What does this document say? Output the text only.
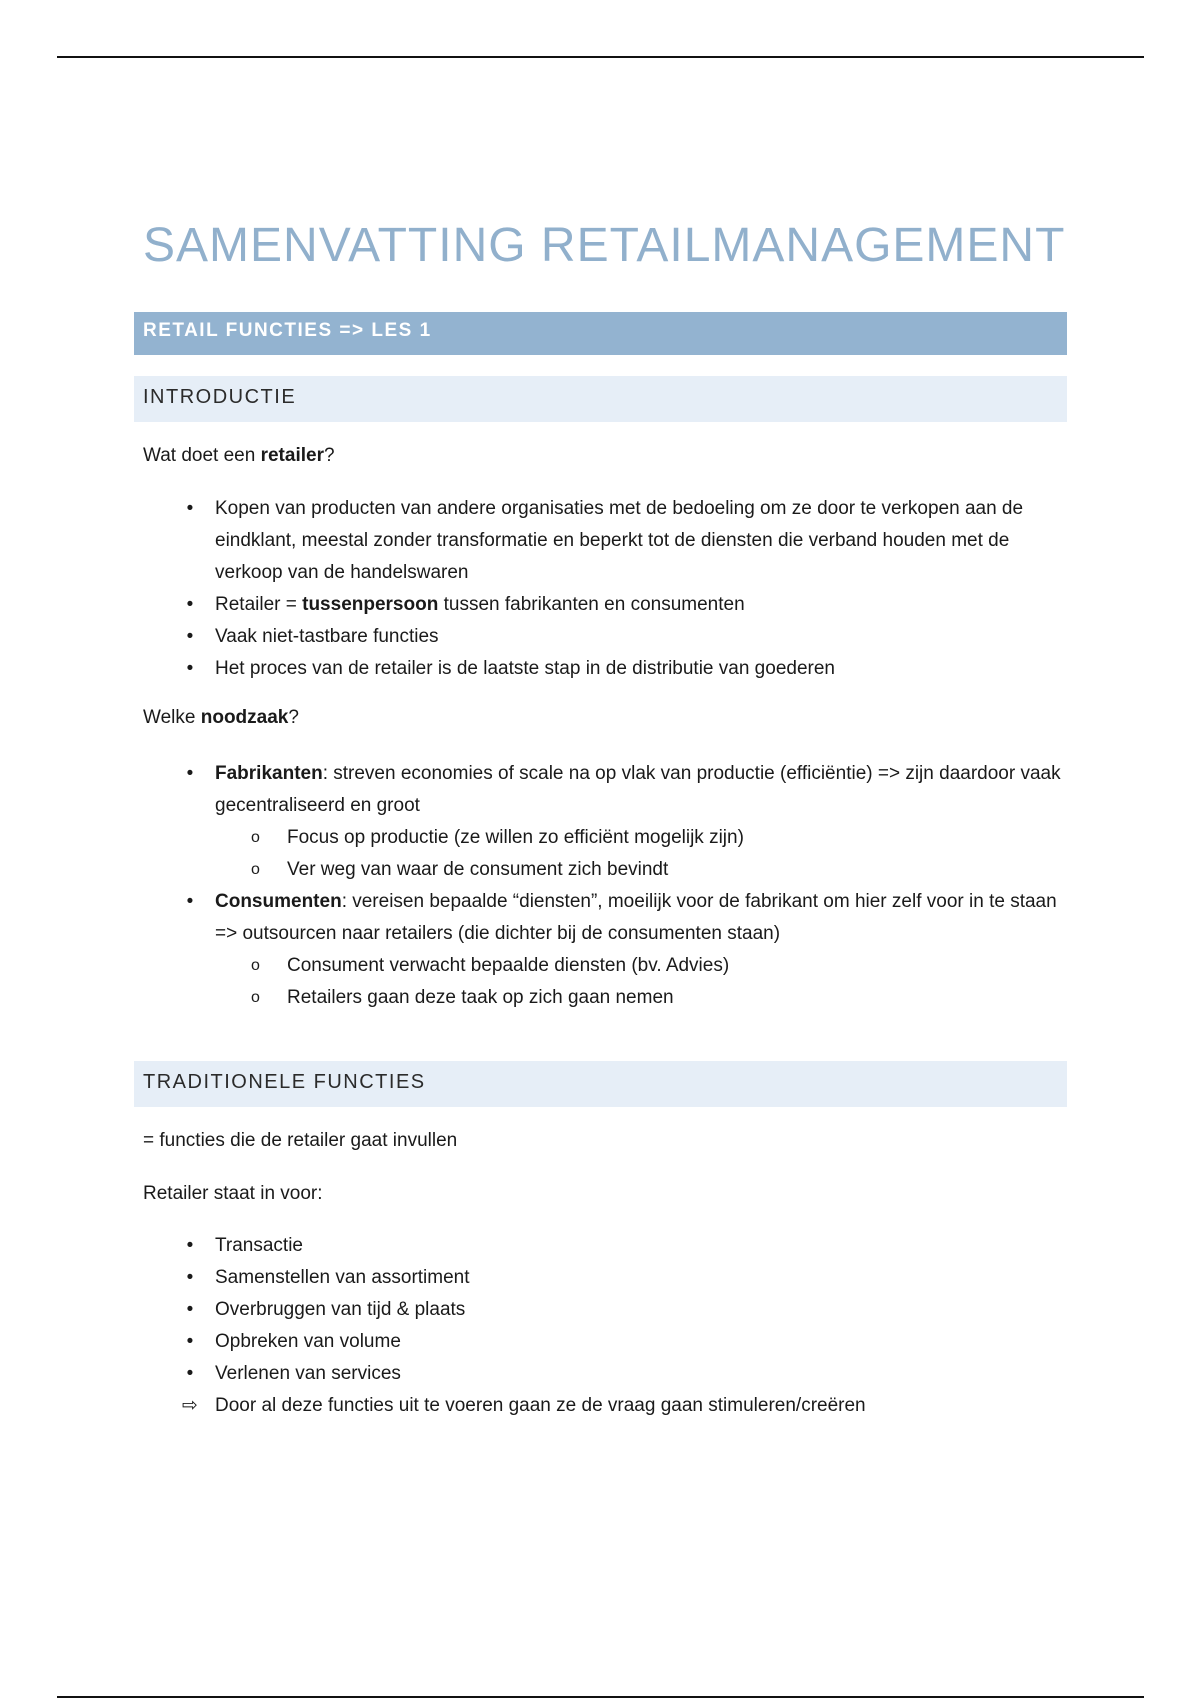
SAMENVATTING RETAILMANAGEMENT
RETAIL FUNCTIES => LES 1
INTRODUCTIE

Wat doet een retailer?

•	Kopen van producten van andere organisaties met de bedoeling om ze door te verkopen aan de eindklant, meestal zonder transformatie en beperkt tot de diensten die verband houden met de verkoop van de handelswaren
•	Retailer = tussenpersoon tussen fabrikanten en consumenten
•	Vaak niet-tastbare functies
•	Het proces van de retailer is de laatste stap in de distributie van goederen

Welke noodzaak?

•	Fabrikanten: streven economies of scale na op vlak van productie (efficiëntie) => zijn daardoor vaak gecentraliseerd en groot
o Focus op productie (ze willen zo efficiënt mogelijk zijn)
o Ver weg van waar de consument zich bevindt
•	Consumenten: vereisen bepaalde “diensten”, moeilijk voor de fabrikant om hier zelf voor in te staan => outsourcen naar retailers (die dichter bij de consumenten staan)
o Consument verwacht bepaalde diensten (bv. Advies)
o Retailers gaan deze taak op zich gaan nemen
TRADITIONELE FUNCTIES

= functies die de retailer gaat invullen

Retailer staat in voor:

•	Transactie
•	Samenstellen van assortiment
•	Overbruggen van tijd & plaats
•	Opbreken van volume
•	Verlenen van services
⇨ Door al deze functies uit te voeren gaan ze de vraag gaan stimuleren/creëren
